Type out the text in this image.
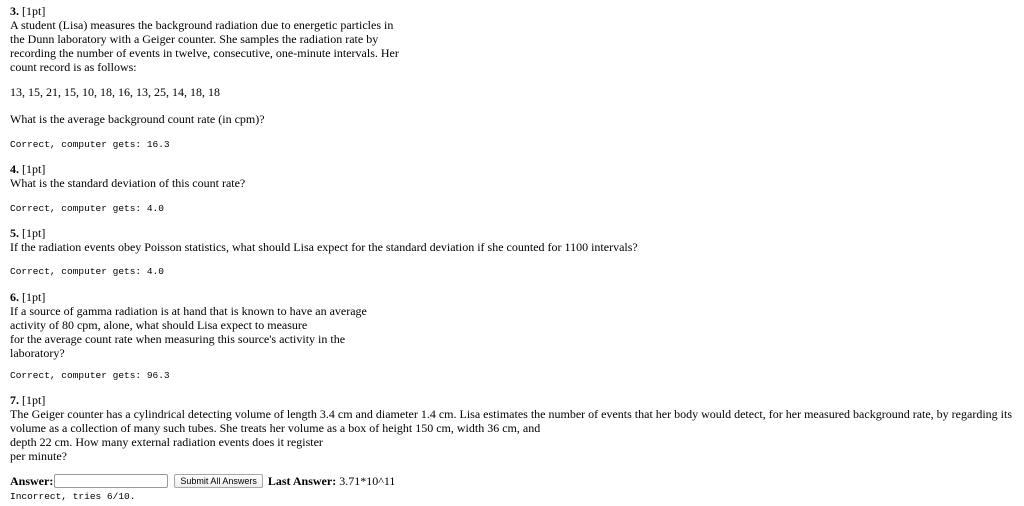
3. [1pt]
A student (Lisa) measures the background radiation due to energetic particles in
the Dunn laboratory with a Geiger counter. She samples the radiation rate by
recording the number of events in twelve, consecutive, one-minute intervals. Her
count record is as follows:
13, 15, 21, 15, 10, 18, 16, 13, 25, 14, 18, 18
What is the average background count rate (in cpm)?
Correct, computer gets: 16.3
4. [1pt]
What is the standard deviation of this count rate?
Correct, computer gets: 4.0
5. [1pt]
If the radiation events obey Poisson statistics, what should Lisa expect for the standard deviation if she counted for 1100 intervals?
Correct, computer gets: 4.0
6. [1pt]
If a source of gamma radiation is at hand that is known to have an average
activity of 80 cpm, alone, what should Lisa expect to measure
for the average count rate when measuring this source's activity in the
laboratory?
Correct, computer gets: 96.3
7. [1pt]
The Geiger counter has a cylindrical detecting volume of length 3.4 cm and diameter 1.4 cm. Lisa estimates the number of events that her body would detect, for her measured background rate, by regarding its
volume as a collection of many such tubes. She treats her volume as a box of height 150 cm, width 36 cm, and
depth 22 cm. How many external radiation events does it register
per minute?
Answer:	Submit All Answers Last Answer: 3.71*10^11
Incorrect, tries 6/10.
